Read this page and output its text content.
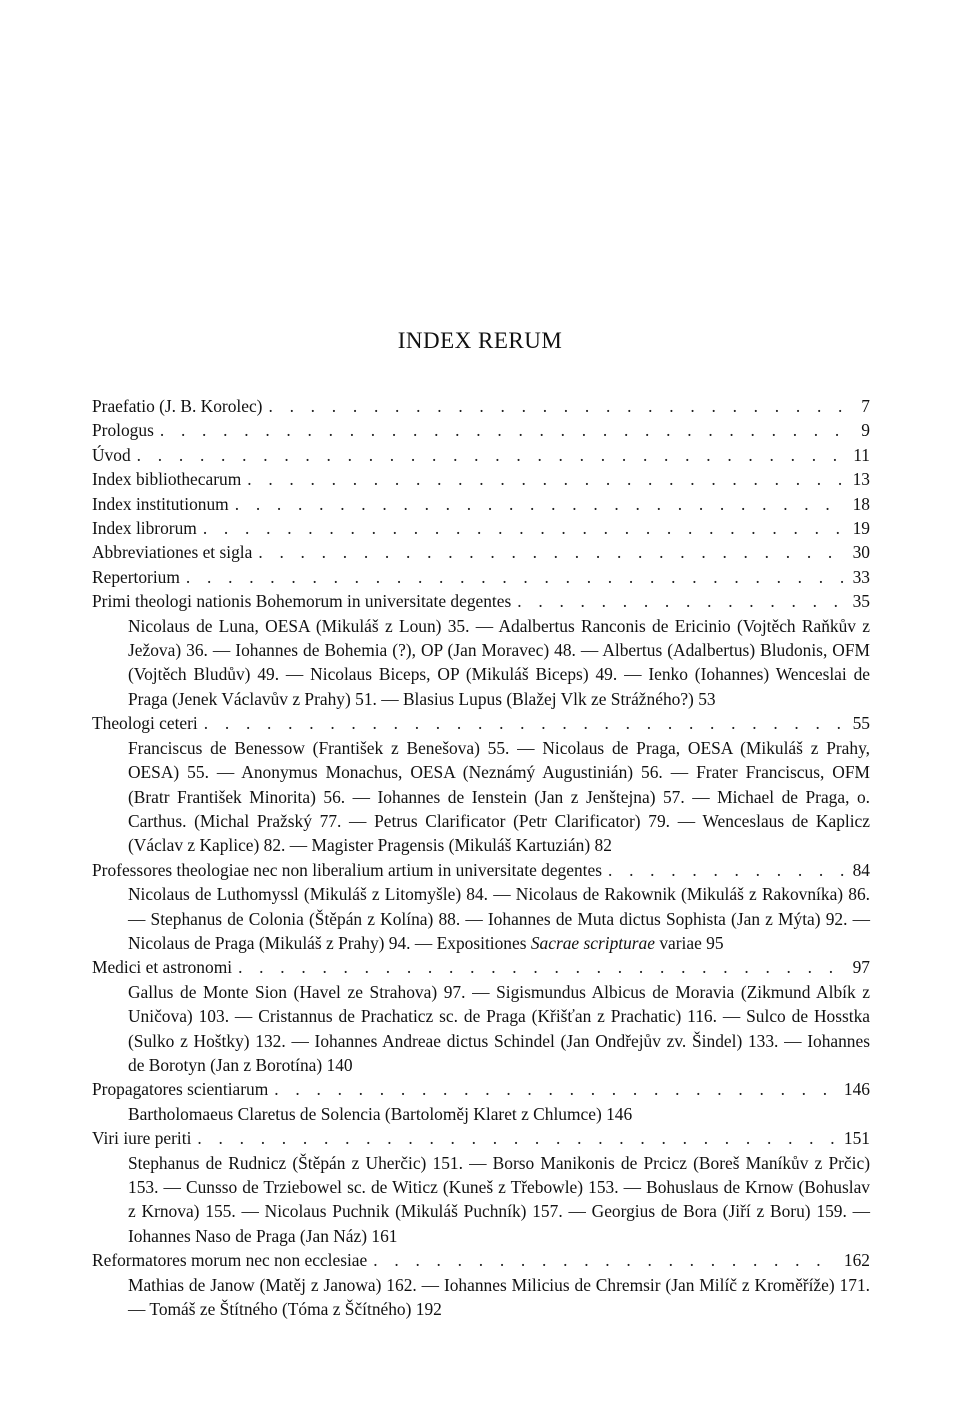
INDEX RERUM
Praefatio (J. B. Korolec) . . .	7
Prologus . . .	9
Úvod . . .	11
Index bibliothecarum . . .	13
Index institutionum . . .	18
Index librorum . . .	19
Abbreviationes et sigla . . .	30
Repertorium . . .	33
Primi theologi nationis Bohemorum in universitate degentes . . .	35
Nicolaus de Luna, OESA (Mikuláš z Loun) 35. — Adalbertus Ranconis de Ericinio (Vojtěch Raňkův z Ježova) 36. — Iohannes de Bohemia (?), OP (Jan Moravec) 48. — Albertus (Adalbertus) Bludonis, OFM (Vojtěch Bludův) 49. — Nicolaus Biceps, OP (Mikuláš Biceps) 49. — Ienko (Iohannes) Wenceslai de Praga (Jenek Václavův z Prahy) 51. — Blasius Lupus (Blažej Vlk ze Strážného?) 53
Theologi ceteri . . .	55
Franciscus de Benessow (František z Benešova) 55. — Nicolaus de Praga, OESA (Mikuláš z Prahy, OESA) 55. — Anonymus Monachus, OESA (Neznámý Augustinián) 56. — Frater Franciscus, OFM (Bratr František Minorita) 56. — Iohannes de Ienstein (Jan z Jenštejna) 57. — Michael de Praga, o. Carthus. (Michal Pražský 77. — Petrus Clarificator (Petr Clarificator) 79. — Wenceslaus de Kaplicz (Václav z Kaplice) 82. — Magister Pragensis (Mikuláš Kartuzián) 82
Professores theologiae nec non liberalium artium in universitate degentes . . .	84
Nicolaus de Luthomyssl (Mikuláš z Litomyšle) 84. — Nicolaus de Rakownik (Mikuláš z Rakovníka) 86. — Stephanus de Colonia (Štěpán z Kolína) 88. — Iohannes de Muta dictus Sophista (Jan z Mýta) 92. — Nicolaus de Praga (Mikuláš z Prahy) 94. — Expositiones Sacrae scripturae variae 95
Medici et astronomi . . .	97
Gallus de Monte Sion (Havel ze Strahova) 97. — Sigismundus Albicus de Moravia (Zikmund Albík z Uničova) 103. — Cristannus de Prachaticz sc. de Praga (Křišťan z Prachatic) 116. — Sulco de Hosstka (Sulko z Hoštky) 132. — Iohannes Andreae dictus Schindel (Jan Ondřejův zv. Šindel) 133. — Iohannes de Borotyn (Jan z Borotína) 140
Propagatores scientiarum . . .	146
Bartholomaeus Claretus de Solencia (Bartoloměj Klaret z Chlumce) 146
Viri iure periti . . .	151
Stephanus de Rudnicz (Štěpán z Uherčic) 151. — Borso Manikonis de Prcicz (Boreš Maníkův z Prčic) 153. — Cunsso de Trziebowel sc. de Witicz (Kuneš z Třebowle) 153. — Bohuslaus de Krnow (Bohuslav z Krnova) 155. — Nicolaus Puchnik (Mikuláš Puchník) 157. — Georgius de Bora (Jiří z Boru) 159. — Iohannes Naso de Praga (Jan Náz) 161
Reformatores morum nec non ecclesiae . . .	162
Mathias de Janow (Matěj z Janowa) 162. — Iohannes Milicius de Chremsir (Jan Milíč z Kroměříže) 171. — Tomáš ze Štítného (Tóma z Ščítného) 192
